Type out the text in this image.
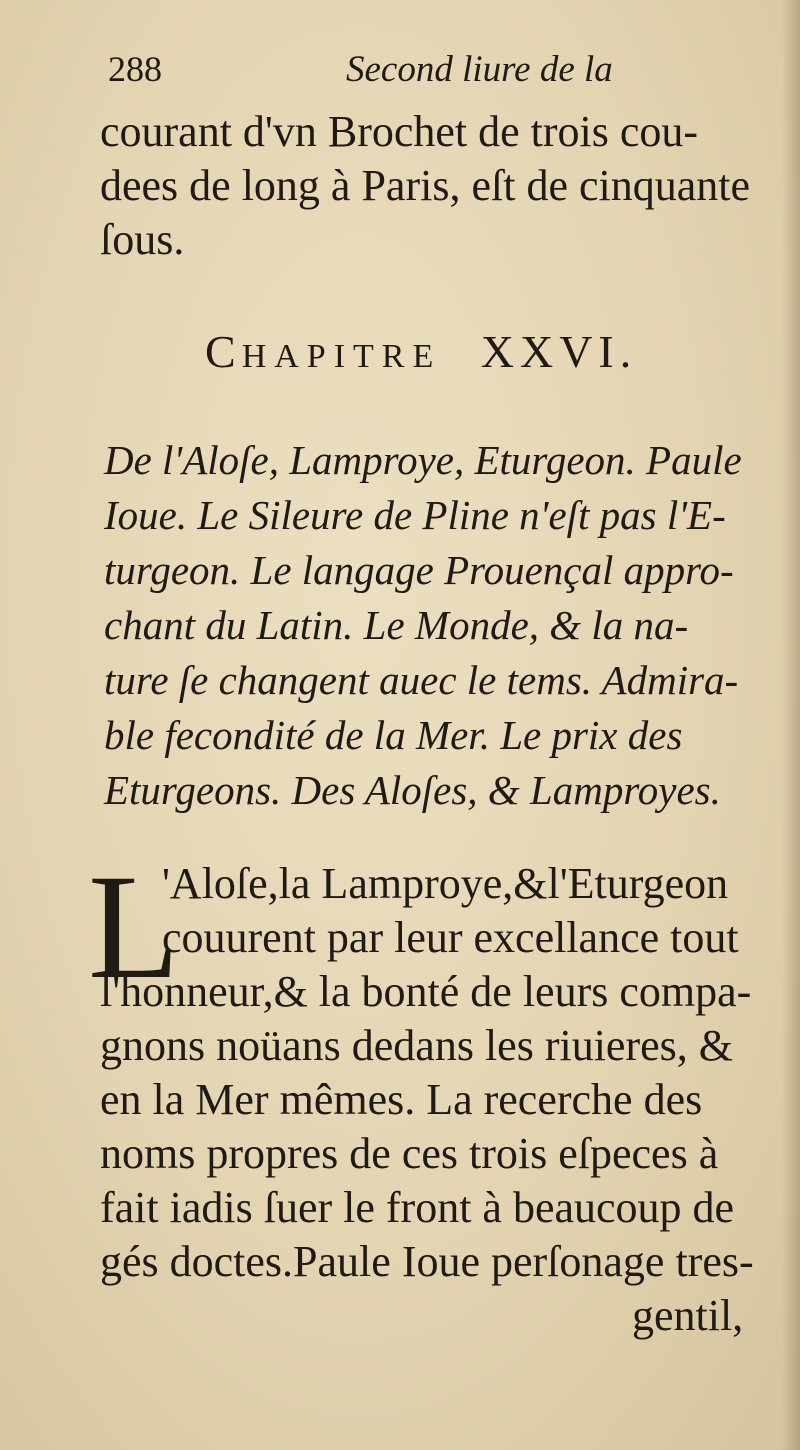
288	Second liure de la
courant d'vn Brochet de trois cou-
dees de long à Paris, eſt de cinquante
ſous.
CHAPITRE XXVI.
De l'Aloſe, Lamproye, Eturgeon. Paule
Ioue. Le Sileure de Pline n'eſt pas l'E-
turgeon. Le langage Prouençal appro-
chant du Latin. Le Monde, & la na-
ture ſe changent auec le tems. Admira-
ble fecondité de la Mer. Le prix des
Eturgeons. Des Aloſes, & Lamproyes.
L
'Aloſe,la Lamproye,&l'Eturgeon
couurent par leur excellance tout
l'honneur,& la bonté de leurs compa-
gnons noüans dedans les riuieres, &
en la Mer mêmes. La recerche des
noms propres de ces trois eſpeces à
fait iadis ſuer le front à beaucoup de
gés doctes.Paule Ioue perſonage tres-
gentil,
